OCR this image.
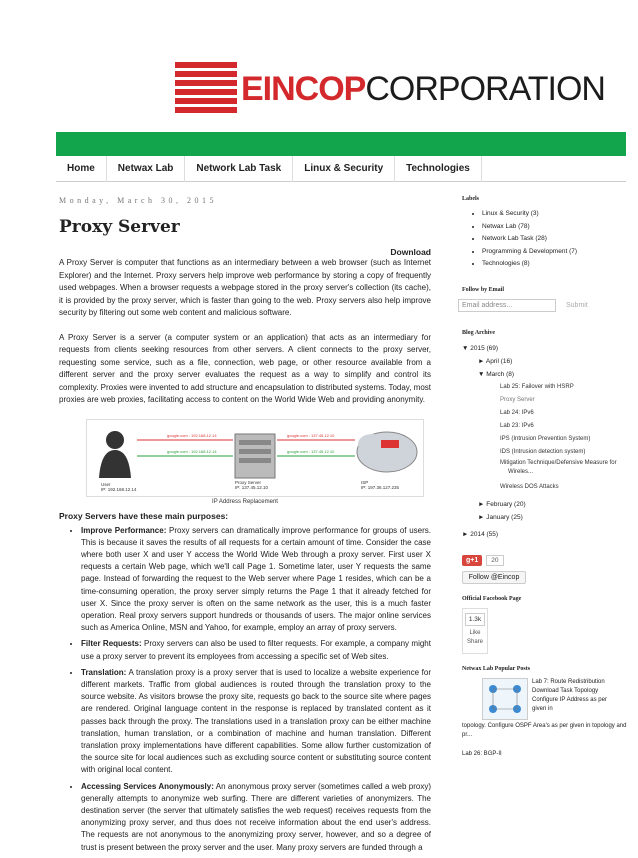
EINCOPCORPORATION
Home	Netwax Lab	Network Lab Task	Linux & Security	Technologies
Monday, March 30, 2015
Proxy Server
Download

A Proxy Server is computer that functions as an intermediary between a web browser (such as Internet Explorer) and the Internet. Proxy servers help improve web performance by storing a copy of frequently used webpages. When a browser requests a webpage stored in the proxy server's collection (its cache), it is provided by the proxy server, which is faster than going to the web. Proxy servers also help improve security by filtering out some web content and malicious software.

A Proxy Server is a server (a computer system or an application) that acts as an intermediary for requests from clients seeking resources from other servers. A client connects to the proxy server, requesting some service, such as a file, connection, web page, or other resource available from a different server and the proxy server evaluates the request as a way to simplify and control its complexity. Proxies were invented to add structure and encapsulation to distributed systems. Today, most proxies are web proxies, facilitating access to content on the World Wide Web and providing anonymity.

User
IP: 192.168.12.14
Proxy Server
IP: 137.45.12.10
ISP
IP: 197.36.127.235
google.com : 192.168.12.14	google.com : 137.45.12.10
google.com : 192.168.12.14	google.com : 137.45.12.10
IP Address Replacement
Proxy Servers have these main purposes:
• Improve Performance: Proxy servers can dramatically improve performance for groups of users. This is because it saves the results of all requests for a certain amount of time. Consider the case where both user X and user Y access the World Wide Web through a proxy server. First user X requests a certain Web page, which we'll call Page 1. Sometime later, user Y requests the same page. Instead of forwarding the request to the Web server where Page 1 resides, which can be a time-consuming operation, the proxy server simply returns the Page 1 that it already fetched for user X. Since the proxy server is often on the same network as the user, this is a much faster operation. Real proxy servers support hundreds or thousands of users. The major online services such as America Online, MSN and Yahoo, for example, employ an array of proxy servers.
• Filter Requests: Proxy servers can also be used to filter requests. For example, a company might use a proxy server to prevent its employees from accessing a specific set of Web sites.
• Translation: A translation proxy is a proxy server that is used to localize a website experience for different markets. Traffic from global audiences is routed through the translation proxy to the source website. As visitors browse the proxy site, requests go back to the source site where pages are rendered. Original language content in the response is replaced by translated content as it passes back through the proxy. The translations used in a translation proxy can be either machine translation, human translation, or a combination of machine and human translation. Different translation proxy implementations have different capabilities. Some allow further customization of the source site for local audiences such as excluding source content or substituting source content with original local content.
• Accessing Services Anonymously: An anonymous proxy server (sometimes called a web proxy) generally attempts to anonymize web surfing. There are different varieties of anonymizers. The destination server (the server that ultimately satisfies the web request) receives requests from the anonymizing proxy server, and thus does not receive information about the end user's address. The requests are not anonymous to the anonymizing proxy server, however, and so a degree of trust is present between the proxy server and the user. Many proxy servers are funded through a
Labels
• Linux & Security (3)
• Netwax Lab (78)
• Network Lab Task (28)
• Programming & Development (7)
• Technologies (8)
Follow by Email
Email address...	Submit
Blog Archive
▼ 2015 (69)
► April (16)
▼ March (8)
Lab 25: Failover with HSRP
Proxy Server
Lab 24: IPv6
Lab 23: IPv6
IPS (Intrusion Prevention System)
IDS (Intrusion detection system)
Mitigation Technique/Defensive Measure for Wireles...
Wireless DOS Attacks
► February (20)
► January (25)
► 2014 (55)
g+1	20
Follow @Eincop
Official Facebook Page
1.3k
Like
Share
Netwax Lab Popular Posts
Lab 7: Route Redistribution
Download Task Topology Configure IP Address as per given in
topology. Configure OSPF Area's as per given in topology and pr...
Lab 26: BGP-II
